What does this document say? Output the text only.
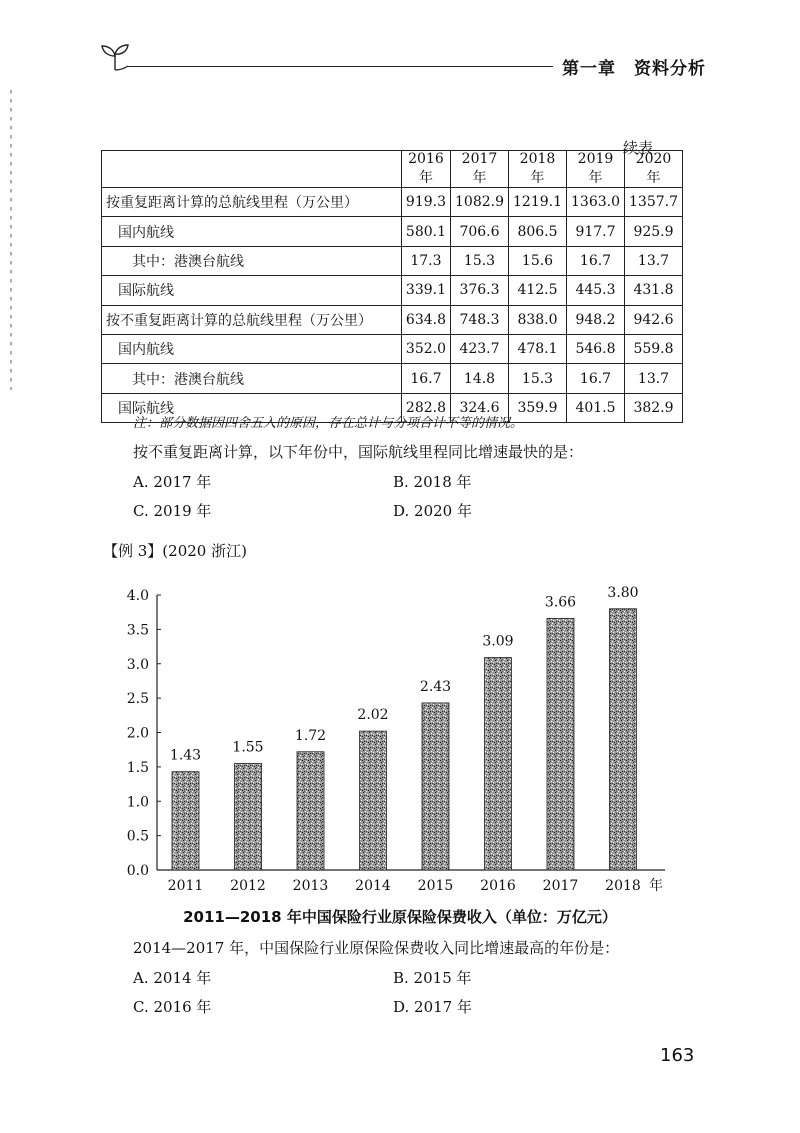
第一章　资料分析
续表
	2016 年	2017 年	2018 年	2019 年	2020 年
按重复距离计算的总航线里程（万公里）	919.3	1082.9	1219.1	1363.0	1357.7
国内航线	580.1	706.6	806.5	917.7	925.9
其中：港澳台航线	17.3	15.3	15.6	16.7	13.7
国际航线	339.1	376.3	412.5	445.3	431.8
按不重复距离计算的总航线里程（万公里）	634.8	748.3	838.0	948.2	942.6
国内航线	352.0	423.7	478.1	546.8	559.8
其中：港澳台航线	16.7	14.8	15.3	16.7	13.7
国际航线	282.8	324.6	359.9	401.5	382.9
注：部分数据因四舍五入的原因，存在总计与分项合计不等的情况。
按不重复距离计算，以下年份中，国际航线里程同比增速最快的是：
A. 2017 年	B. 2018 年
C. 2019 年	D. 2020 年
【例 3】(2020 浙江)
0.0
0.5
1.0
1.5
2.0
2.5
3.0
3.5
4.0
1.43
2011
1.55
2012
1.72
2013
2.02
2014
2.43
2015
3.09
2016
3.66
2017
3.80
2018 年
2011—2018 年中国保险行业原保险保费收入（单位：万亿元）
2014—2017 年，中国保险行业原保险保费收入同比增速最高的年份是：
A. 2014 年	B. 2015 年
C. 2016 年	D. 2017 年
163
